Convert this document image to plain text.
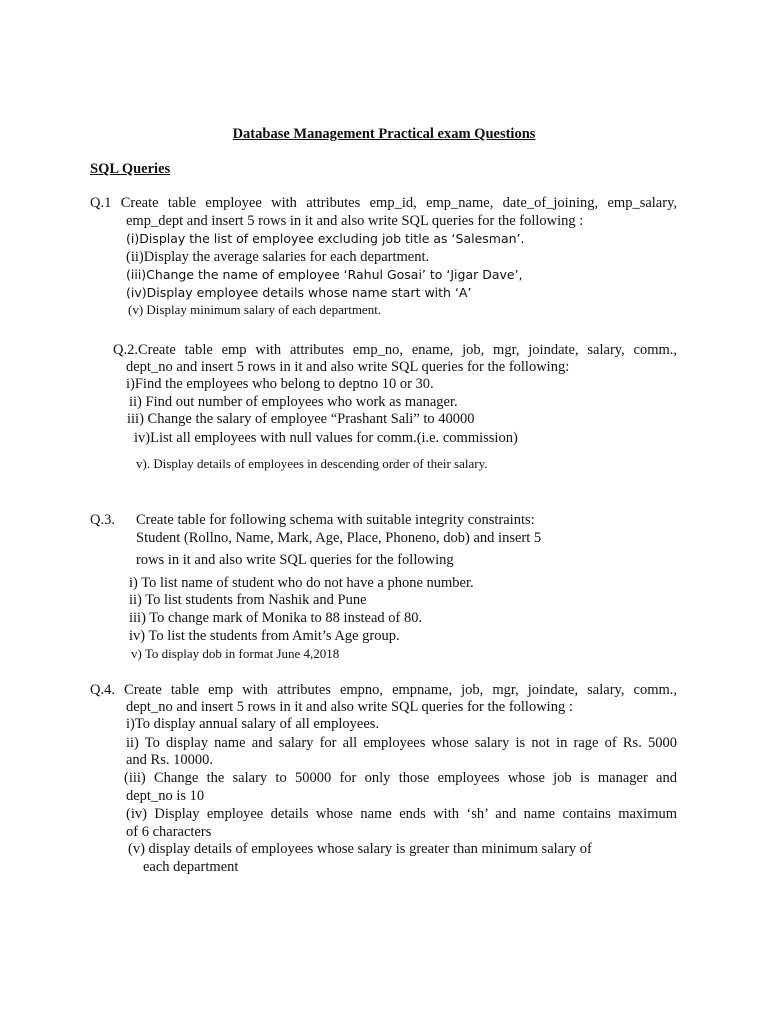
Database Management Practical exam Questions
SQL Queries
Q.1 Create table employee with attributes emp_id, emp_name, date_of_joining, emp_salary,
emp_dept and insert 5 rows in it and also write SQL queries for the following :
(i)Display the list of employee excluding job title as ‘Salesman’.
(ii)Display the average salaries for each department.
(iii)Change the name of employee ‘Rahul Gosai’ to ‘Jigar Dave’,
(iv)Display employee details whose name start with ‘A’
(v) Display minimum salary of each department.
Q.2.Create table emp with attributes emp_no, ename, job, mgr, joindate, salary, comm.,
dept_no and insert 5 rows in it and also write SQL queries for the following:
i)Find the employees who belong to deptno 10 or 30.
ii) Find out number of employees who work as manager.
iii) Change the salary of employee “Prashant Sali” to 40000
iv)List all employees with null values for comm.(i.e. commission)
v). Display details of employees in descending order of their salary.
Q.3. Create table for following schema with suitable integrity constraints:
Student (Rollno, Name, Mark, Age, Place, Phoneno, dob) and insert 5
rows in it and also write SQL queries for the following
i) To list name of student who do not have a phone number.
ii) To list students from Nashik and Pune
iii) To change mark of Monika to 88 instead of 80.
iv) To list the students from Amit’s Age group.
v) To display dob in format June 4,2018
Q.4. Create table emp with attributes empno, empname, job, mgr, joindate, salary, comm.,
dept_no and insert 5 rows in it and also write SQL queries for the following :
i)To display annual salary of all employees.
ii) To display name and salary for all employees whose salary is not in rage of Rs. 5000
and Rs. 10000.
(iii) Change the salary to 50000 for only those employees whose job is manager and
dept_no is 10
(iv) Display employee details whose name ends with ‘sh’ and name contains maximum
of 6 characters
(v) display details of employees whose salary is greater than minimum salary of
each department
